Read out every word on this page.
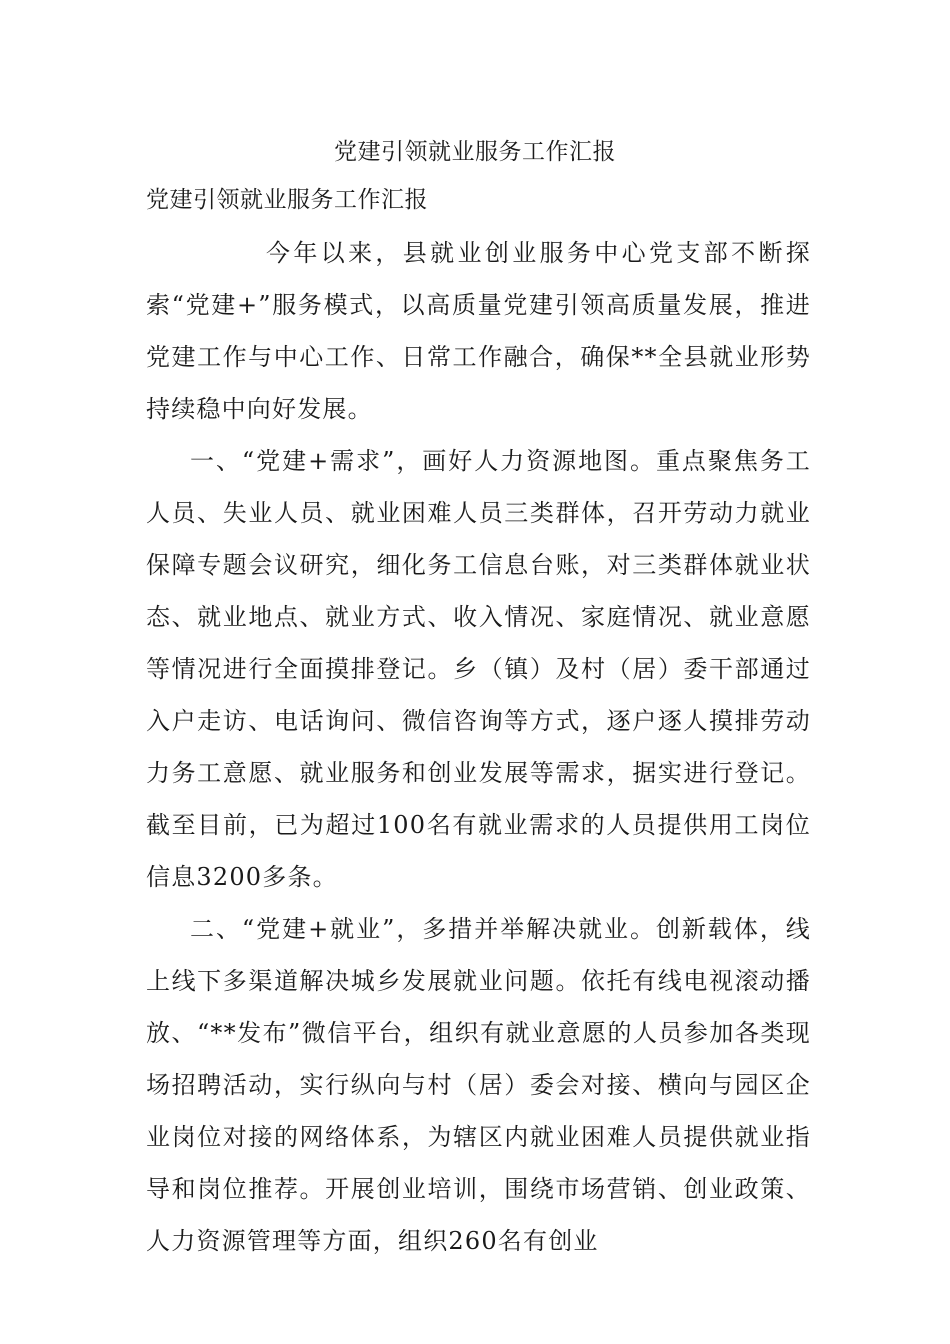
党建引领就业服务工作汇报

党建引领就业服务工作汇报

今年以来，县就业创业服务中心党支部不断探索“党建+”服务模式，以高质量党建引领高质量发展，推进党建工作与中心工作、日常工作融合，确保**全县就业形势持续稳中向好发展。

一、“党建+需求”，画好人力资源地图。重点聚焦务工人员、失业人员、就业困难人员三类群体，召开劳动力就业保障专题会议研究，细化务工信息台账，对三类群体就业状态、就业地点、就业方式、收入情况、家庭情况、就业意愿等情况进行全面摸排登记。乡（镇）及村（居）委干部通过入户走访、电话询问、微信咨询等方式，逐户逐人摸排劳动力务工意愿、就业服务和创业发展等需求，据实进行登记。截至目前，已为超过100名有就业需求的人员提供用工岗位信息3200多条。

二、“党建+就业”，多措并举解决就业。创新载体，线上线下多渠道解决城乡发展就业问题。依托有线电视滚动播放、“**发布”微信平台，组织有就业意愿的人员参加各类现场招聘活动，实行纵向与村（居）委会对接、横向与园区企业岗位对接的网络体系，为辖区内就业困难人员提供就业指导和岗位推荐。开展创业培训，围绕市场营销、创业政策、人力资源管理等方面，组织260名有创业
